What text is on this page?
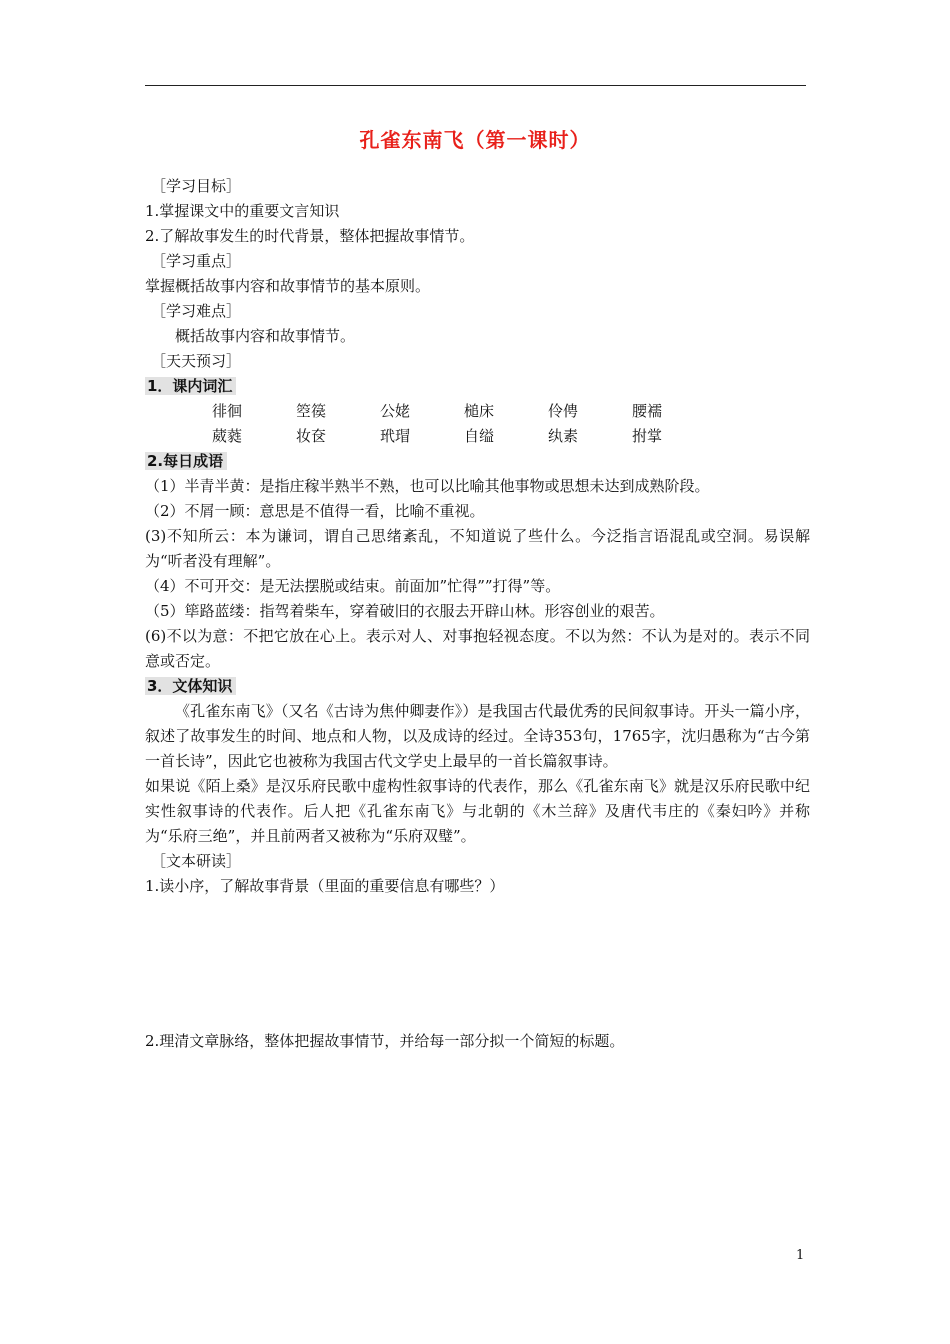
孔雀东南飞（第一课时）
［学习目标］
1.掌握课文中的重要文言知识
2.了解故事发生的时代背景，整体把握故事情节。
［学习重点］
掌握概括故事内容和故事情节的基本原则。
［学习难点］
概括故事内容和故事情节。
［天天预习］
1．课内词汇
徘徊	箜篌	公姥	槌床	伶俜	腰襦
葳蕤	妆奁	玳瑁	自缢	纨素	拊掌
2.每日成语
（1）半青半黄：是指庄稼半熟半不熟，也可以比喻其他事物或思想未达到成熟阶段。
（2）不屑一顾：意思是不值得一看，比喻不重视。
(3)不知所云：本为谦词，谓自己思绪紊乱，不知道说了些什么。今泛指言语混乱或空洞。易误解为“听者没有理解”。
（4）不可开交：是无法摆脱或结束。前面加”忙得””打得”等。
（5）筚路蓝缕：指驾着柴车，穿着破旧的衣服去开辟山林。形容创业的艰苦。
(6)不以为意：不把它放在心上。表示对人、对事抱轻视态度。不以为然：不认为是对的。表示不同意或否定。
3．文体知识
《孔雀东南飞》（又名《古诗为焦仲卿妻作》）是我国古代最优秀的民间叙事诗。开头一篇小序，叙述了故事发生的时间、地点和人物，以及成诗的经过。全诗353句，1765字，沈归愚称为“古今第一首长诗”，因此它也被称为我国古代文学史上最早的一首长篇叙事诗。
如果说《陌上桑》是汉乐府民歌中虚构性叙事诗的代表作，那么《孔雀东南飞》就是汉乐府民歌中纪实性叙事诗的代表作。后人把《孔雀东南飞》与北朝的《木兰辞》及唐代韦庄的《秦妇吟》并称为“乐府三绝”，并且前两者又被称为“乐府双璧”。
［文本研读］
1.读小序，了解故事背景（里面的重要信息有哪些？）
2.理清文章脉络，整体把握故事情节，并给每一部分拟一个简短的标题。
1
